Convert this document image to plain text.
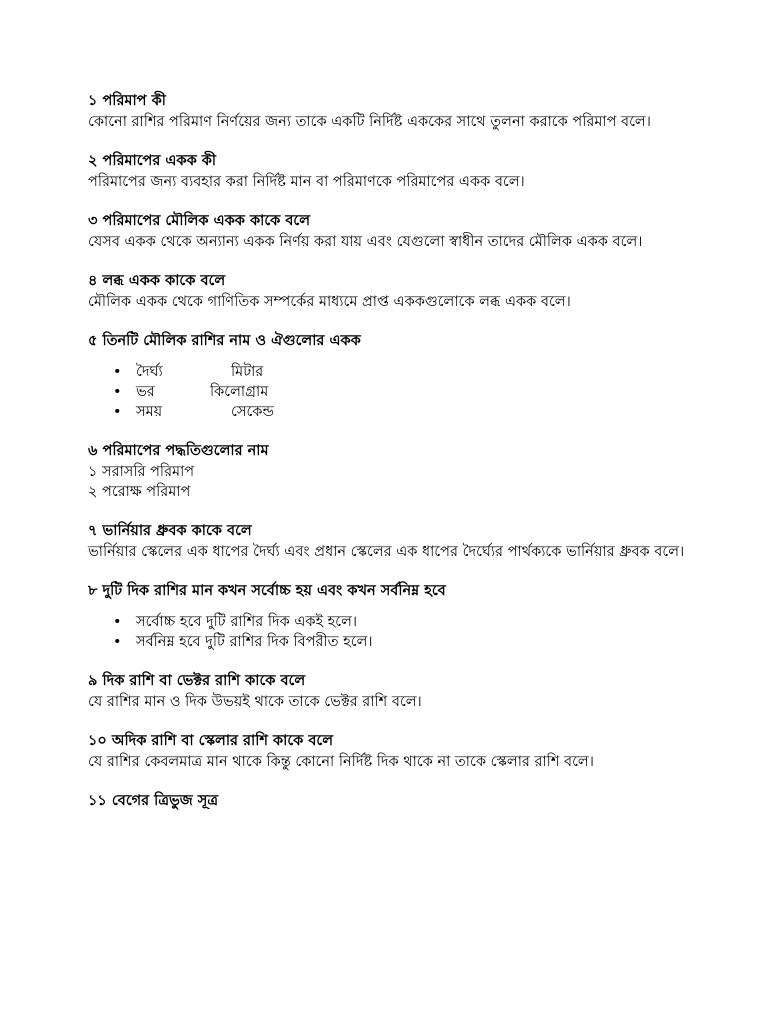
১ পরিমাপ কী

কোনো রাশির পরিমাণ নির্ণয়ের জন্য তাকে একটি নির্দিষ্ট এককের সাথে তুলনা করাকে পরিমাপ বলে।

২ পরিমাপের একক কী

পরিমাপের জন্য ব্যবহার করা নির্দিষ্ট মান বা পরিমাণকে পরিমাপের একক বলে।

৩ পরিমাপের মৌলিক একক কাকে বলে

যেসব একক থেকে অন্যান্য একক নির্ণয় করা যায় এবং যেগুলো স্বাধীন তাদের মৌলিক একক বলে।

৪ লব্ধ একক কাকে বলে

মৌলিক একক থেকে গাণিতিক সম্পর্কের মাধ্যমে প্রাপ্ত এককগুলোকে লব্ধ একক বলে।

৫ তিনটি মৌলিক রাশির নাম ও ঐগুলোর একক

• দৈর্ঘ্য	মিটার
• ভর	কিলোগ্রাম
• সময়	সেকেন্ড

৬ পরিমাপের পদ্ধতিগুলোর নাম

১ সরাসরি পরিমাপ

২ পরোক্ষ পরিমাপ

৭ ভার্নিয়ার ধ্রুবক কাকে বলে

ভার্নিয়ার স্কেলের এক ধাপের দৈর্ঘ্য এবং প্রধান স্কেলের এক ধাপের দৈর্ঘ্যের পার্থক্যকে ভার্নিয়ার ধ্রুবক বলে।

৮ দুটি দিক রাশির মান কখন সর্বোচ্চ হয় এবং কখন সর্বনিম্ন হবে

• সর্বোচ্চ হবে দুটি রাশির দিক একই হলে।
• সর্বনিম্ন হবে দুটি রাশির দিক বিপরীত হলে।

৯ দিক রাশি বা ভেক্টর রাশি কাকে বলে

যে রাশির মান ও দিক উভয়ই থাকে তাকে ভেক্টর রাশি বলে।

১০ অদিক রাশি বা স্কেলার রাশি কাকে বলে

যে রাশির কেবলমাত্র মান থাকে কিন্তু কোনো নির্দিষ্ট দিক থাকে না তাকে স্কেলার রাশি বলে।

১১ বেগের ত্রিভুজ সূত্র
